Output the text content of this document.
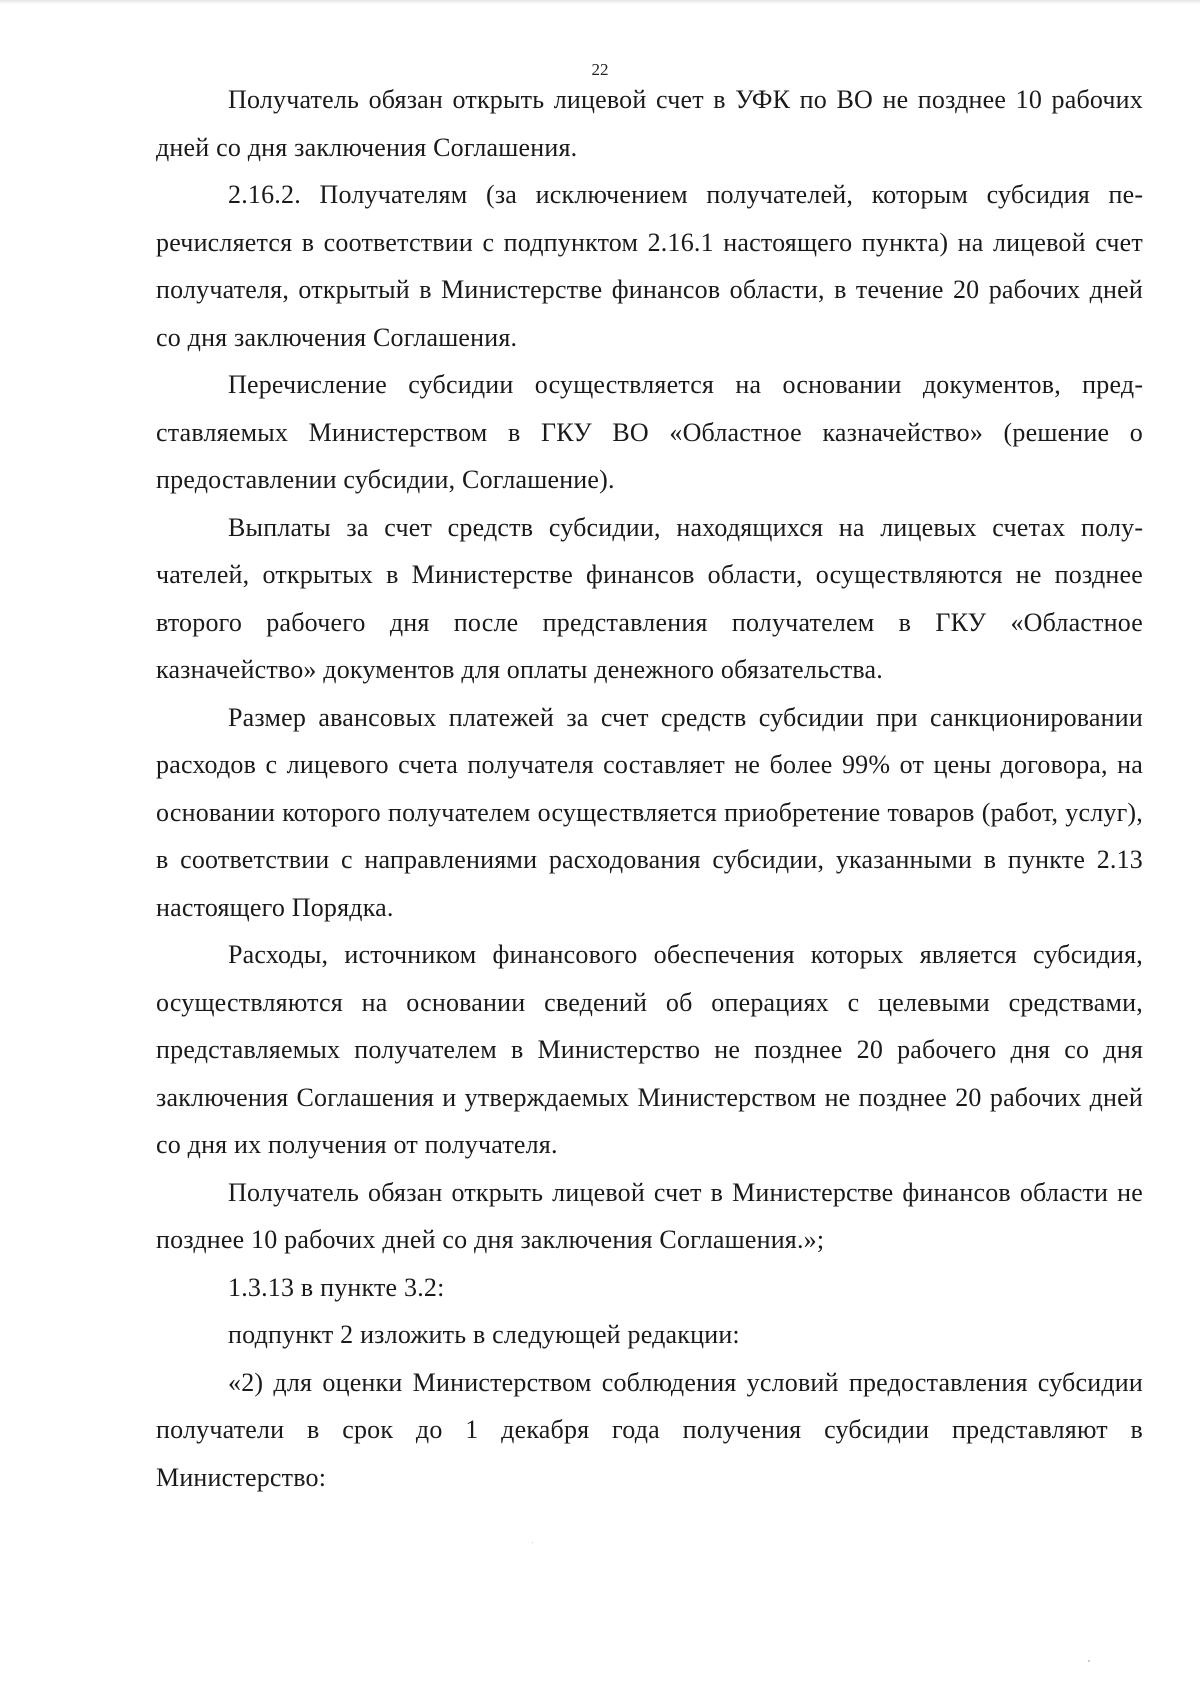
22

Получатель обязан открыть лицевой счет в УФК по ВО не позднее 10 рабочих дней со дня заключения Соглашения.

2.16.2. Получателям (за исключением получателей, которым субсидия перечисляется в соответствии с подпунктом 2.16.1 настоящего пункта) на лицевой счет получателя, открытый в Министерстве финансов области, в течение 20 рабочих дней со дня заключения Соглашения.

Перечисление субсидии осуществляется на основании документов, представляемых Министерством в ГКУ ВО «Областное казначейство» (решение о предоставлении субсидии, Соглашение).

Выплаты за счет средств субсидии, находящихся на лицевых счетах получателей, открытых в Министерстве финансов области, осуществляются не позднее второго рабочего дня после представления получателем в ГКУ «Областное казначейство» документов для оплаты денежного обязательства.

Размер авансовых платежей за счет средств субсидии при санкционировании расходов с лицевого счета получателя составляет не более 99% от цены договора, на основании которого получателем осуществляется приобретение товаров (работ, услуг), в соответствии с направлениями расходования субсидии, указанными в пункте 2.13 настоящего Порядка.

Расходы, источником финансового обеспечения которых является субсидия, осуществляются на основании сведений об операциях с целевыми средствами, представляемых получателем в Министерство не позднее 20 рабочего дня со дня заключения Соглашения и утверждаемых Министерством не позднее 20 рабочих дней со дня их получения от получателя.

Получатель обязан открыть лицевой счет в Министерстве финансов области не позднее 10 рабочих дней со дня заключения Соглашения.»;

1.3.13 в пункте 3.2:

подпункт 2 изложить в следующей редакции:

«2) для оценки Министерством соблюдения условий предоставления субсидии получатели в срок до 1 декабря года получения субсидии представляют в Министерство:
